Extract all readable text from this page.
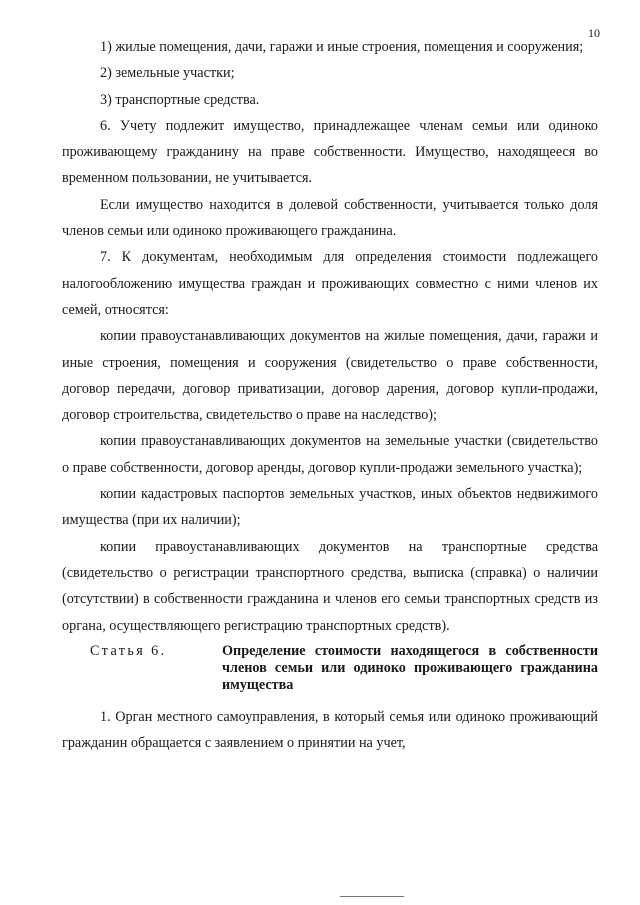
10

1) жилые помещения, дачи, гаражи и иные строения, помещения и сооружения;

2) земельные участки;

3) транспортные средства.

6. Учету подлежит имущество, принадлежащее членам семьи или одиноко проживающему гражданину на праве собственности. Имущество, находящееся во временном пользовании, не учитывается.

Если имущество находится в долевой собственности, учитывается только доля членов семьи или одиноко проживающего гражданина.

7. К документам, необходимым для определения стоимости подлежащего налогообложению имущества граждан и проживающих совместно с ними членов их семей, относятся:

копии правоустанавливающих документов на жилые помещения, дачи, гаражи и иные строения, помещения и сооружения (свидетельство о праве собственности, договор передачи, договор приватизации, договор дарения, договор купли-продажи, договор строительства, свидетельство о праве на наследство);

копии правоустанавливающих документов на земельные участки (свидетельство о праве собственности, договор аренды, договор купли-продажи земельного участка);

копии кадастровых паспортов земельных участков, иных объектов недвижимого имущества (при их наличии);

копии правоустанавливающих документов на транспортные средства (свидетельство о регистрации транспортного средства, выписка (справка) о наличии (отсутствии) в собственности гражданина и членов его семьи транспортных средств из органа, осуществляющего регистрацию транспортных средств).

Статья 6.	Определение стоимости находящегося в собственности членов семьи или одиноко проживающего гражданина имущества

1. Орган местного самоуправления, в который семья или одиноко проживающий гражданин обращается с заявлением о принятии на учет,
